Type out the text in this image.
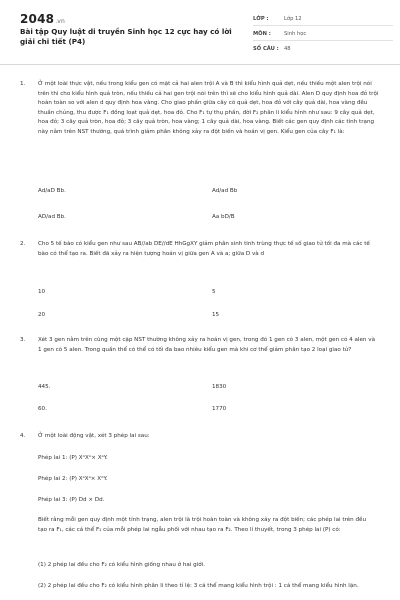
2048.vn
Bài tập Quy luật di truyền Sinh học 12 cực hay có lời giải chi tiết (P4)
LỚP :	Lớp 12
MÔN :	Sinh học
SỐ CÂU : 48
1.	Ở một loài thực vật, nếu trong kiểu gen có mặt cả hai alen trội A và B thì kiểu hình quả dẹt, nếu thiếu một alen trội nói trên thì cho kiểu hình quả tròn, nếu thiếu cả hai gen trội nói trên thì sẽ cho kiểu hình quả dài. Alen D quy định hoa đỏ trội hoàn toàn so với alen d quy định hoa vàng. Cho giao phấn giữa cây có quả dẹt, hoa đỏ với cây quả dài, hoa vàng đều thuần chủng, thu được F₁ đồng loạt quả dẹt, hoa đỏ. Cho F₁ tự thụ phấn, đời F₂ phân li kiểu hình như sau: 9 cây quả dẹt, hoa đỏ; 3 cây quả tròn, hoa đỏ; 3 cây quả tròn, hoa vàng; 1 cây quả dài, hoa vàng. Biết các gen quy định các tính trạng này nằm trên NST thường, quá trình giảm phân không xảy ra đột biến và hoán vị gen. Kiểu gen của cây F₁ là:
Ad/aD Bb.	Ad/ad Bb
AD/ad Bb.	Aa bD/B
2.	Cho 5 tế bào có kiểu gen như sau AB//ab DE//dE HhGgXY giảm phân sinh tinh trùng thực tế số giao tử tối đa mà các tế bào có thể tạo ra. Biết đã xảy ra hiện tượng hoán vị giữa gen A và a; giữa D và d
10	5
20	15
3.	Xét 3 gen nằm trên cùng một cặp NST thường không xảy ra hoán vị gen, trong đó 1 gen có 3 alen, một gen có 4 alen và 1 gen có 5 alen. Trong quần thể có thể có tối đa bao nhiêu kiểu gen mà khi cơ thể giảm phân tạo 2 loại giao tử?
445.	1830
60.	1770
4.	Ở một loài động vật, xét 3 phép lai sau:
Phép lai 1: (P) XᴬXᴬ× XᵃY.
Phép lai 2: (P) XᵃXᵃ× XᴬY.
Phép lai 3: (P) Dd × Dd.
Biết rằng mỗi gen quy định một tính trạng, alen trội là trội hoàn toàn và không xảy ra đột biến; các phép lai trên đều tạo ra F₁, các cá thể F₁ của mỗi phép lai ngẫu phối với nhau tạo ra F₂. Theo lí thuyết, trong 3 phép lai (P) có:
(1) 2 phép lai đều cho F₂ có kiểu hình giống nhau ở hai giới.
(2) 2 phép lai đều cho F₂ có kiểu hình phân li theo tỉ lệ: 3 cá thể mang kiểu hình trội : 1 cá thể mang kiểu hình lặn.
